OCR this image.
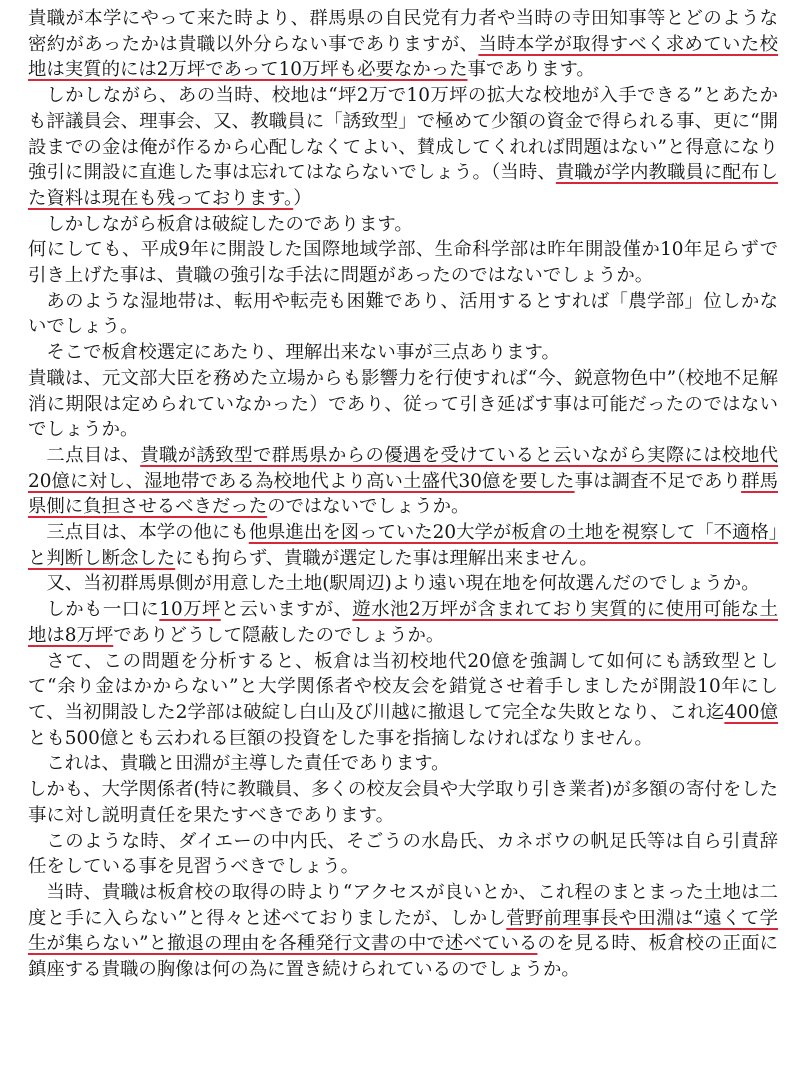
貴職が本学にやって来た時より、群馬県の自民党有力者や当時の寺田知事等とどのような密約があったかは貴職以外分らない事でありますが、当時本学が取得すべく求めていた校地は実質的には2万坪であって10万坪も必要なかった事であります。

しかしながら、あの当時、校地は“坪2万で10万坪の拡大な校地が入手できる”とあたかも評議員会、理事会、又、教職員に「誘致型」で極めて少額の資金で得られる事、更に“開設までの金は俺が作るから心配しなくてよい、賛成してくれれば問題はない”と得意になり強引に開設に直進した事は忘れてはならないでしょう。（当時、貴職が学内教職員に配布した資料は現在も残っております。）

しかしながら板倉は破綻したのであります。

何にしても、平成9年に開設した国際地域学部、生命科学部は昨年開設僅か10年足らずで引き上げた事は、貴職の強引な手法に問題があったのではないでしょうか。

あのような湿地帯は、転用や転売も困難であり、活用するとすれば「農学部」位しかないでしょう。

そこで板倉校選定にあたり、理解出来ない事が三点あります。

貴職は、元文部大臣を務めた立場からも影響力を行使すれば“今、鋭意物色中”（校地不足解消に期限は定められていなかった）であり、従って引き延ばす事は可能だったのではないでしょうか。

二点目は、貴職が誘致型で群馬県からの優遇を受けていると云いながら実際には校地代20億に対し、湿地帯である為校地代より高い土盛代30億を要した事は調査不足であり群馬県側に負担させるべきだったのではないでしょうか。

三点目は、本学の他にも他県進出を図っていた20大学が板倉の土地を視察して「不適格」と判断し断念したにも拘らず、貴職が選定した事は理解出来ません。

又、当初群馬県側が用意した土地(駅周辺)より遠い現在地を何故選んだのでしょうか。

しかも一口に10万坪と云いますが、遊水池2万坪が含まれており実質的に使用可能な土地は8万坪でありどうして隠蔽したのでしょうか。

さて、この問題を分析すると、板倉は当初校地代20億を強調して如何にも誘致型として“余り金はかからない”と大学関係者や校友会を錯覚させ着手しましたが開設10年にして、当初開設した2学部は破綻し白山及び川越に撤退して完全な失敗となり、これ迄400億とも500億とも云われる巨額の投資をした事を指摘しなければなりません。

これは、貴職と田淵が主導した責任であります。

しかも、大学関係者(特に教職員、多くの校友会員や大学取り引き業者)が多額の寄付をした事に対し説明責任を果たすべきであります。

このような時、ダイエーの中内氏、そごうの水島氏、カネボウの帆足氏等は自ら引責辞任をしている事を見習うべきでしょう。

当時、貴職は板倉校の取得の時より“アクセスが良いとか、これ程のまとまった土地は二度と手に入らない”と得々と述べておりましたが、しかし菅野前理事長や田淵は“遠くて学生が集らない”と撤退の理由を各種発行文書の中で述べているのを見る時、板倉校の正面に鎮座する貴職の胸像は何の為に置き続けられているのでしょうか。
